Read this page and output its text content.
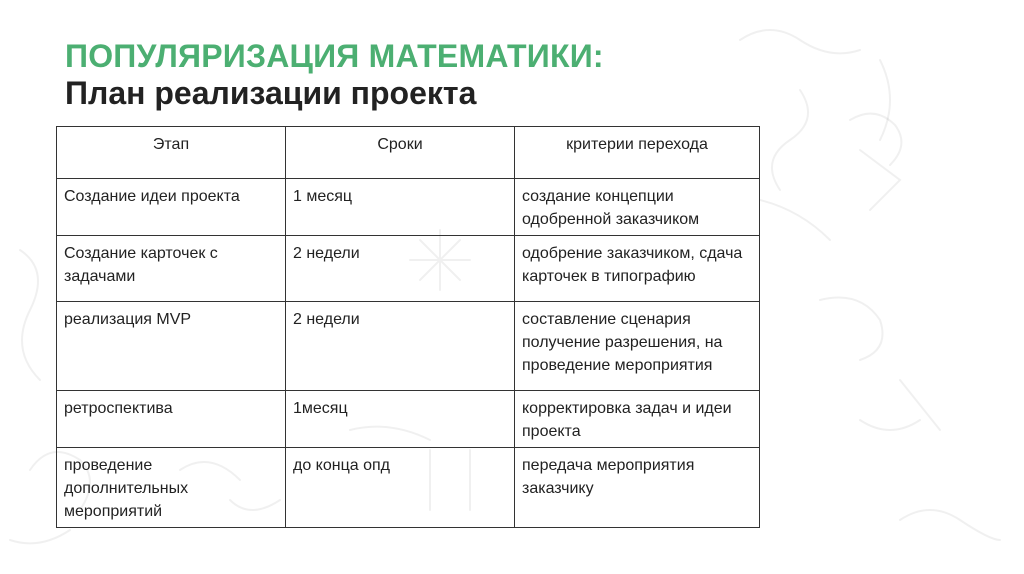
ПОПУЛЯРИЗАЦИЯ МАТЕМАТИКИ:
План реализации проекта
Этап	Сроки	критерии перехода
Создание идеи проекта	1 месяц	создание концепции одобренной заказчиком
Создание карточек с задачами	2 недели	одобрение заказчиком, сдача карточек в типографию
реализация MVP	2 недели	составление сценария получение разрешения, на проведение мероприятия
ретроспектива	1месяц	корректировка задач и идеи проекта
проведение дополнительных мероприятий	до конца опд	передача мероприятия заказчику
